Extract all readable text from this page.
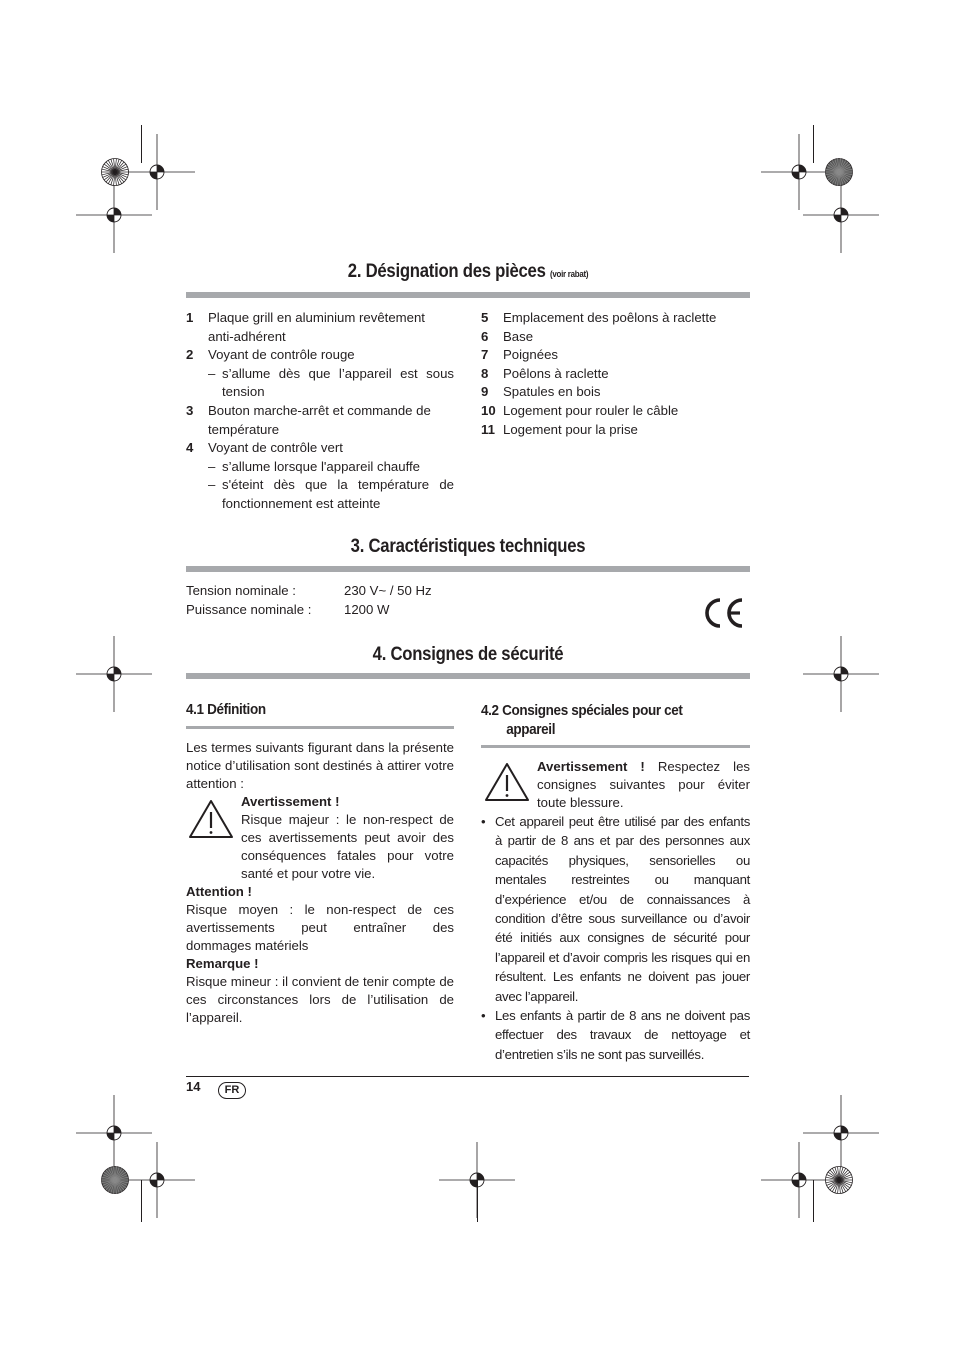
2. Désignation des pièces (voir rabat)
1	Plaque grill en aluminium revêtement anti-adhérent
2	Voyant de contrôle rouge
– s’allume dès que l’appareil est sous tension
3	Bouton marche-arrêt et commande de température
4	Voyant de contrôle vert
– s’allume lorsque l'appareil chauffe
– s'éteint dès que la température de fonctionnement est atteinte
5	Emplacement des poêlons à raclette
6	Base
7	Poignées
8	Poêlons à raclette
9	Spatules en bois
10 Logement pour rouler le câble
11 Logement pour la prise
3. Caractéristiques techniques
Tension nominale :	230 V~ / 50 Hz
Puissance nominale :	1200 W
4. Consignes de sécurité
4.1 Définition
Les termes suivants figurant dans la présente notice d’utilisation sont destinés à attirer votre attention :
Avertissement !
Risque majeur : le non-respect de ces avertissements peut avoir des conséquences fatales pour votre santé et pour votre vie.
Attention !
Risque moyen : le non-respect de ces avertissements peut entraîner des dommages matériels
Remarque !
Risque mineur : il convient de tenir compte de ces circonstances lors de l’utilisation de l’appareil.
4.2 Consignes spéciales pour cet
appareil
Avertissement ! Respectez les consignes suivantes pour éviter toute blessure.
• Cet appareil peut être utilisé par des enfants à partir de 8 ans et par des personnes aux capacités physiques, sensorielles ou mentales restreintes ou manquant d’expérience et/ou de connaissances à condition d’être sous surveillance ou d’avoir été initiés aux consignes de sécurité pour l’appareil et d’avoir compris les risques qui en résultent. Les enfants ne doivent pas jouer avec l’appareil.
• Les enfants à partir de 8 ans ne doivent pas effectuer des travaux de nettoyage et d’entretien s’ils ne sont pas surveillés.
14	FR
